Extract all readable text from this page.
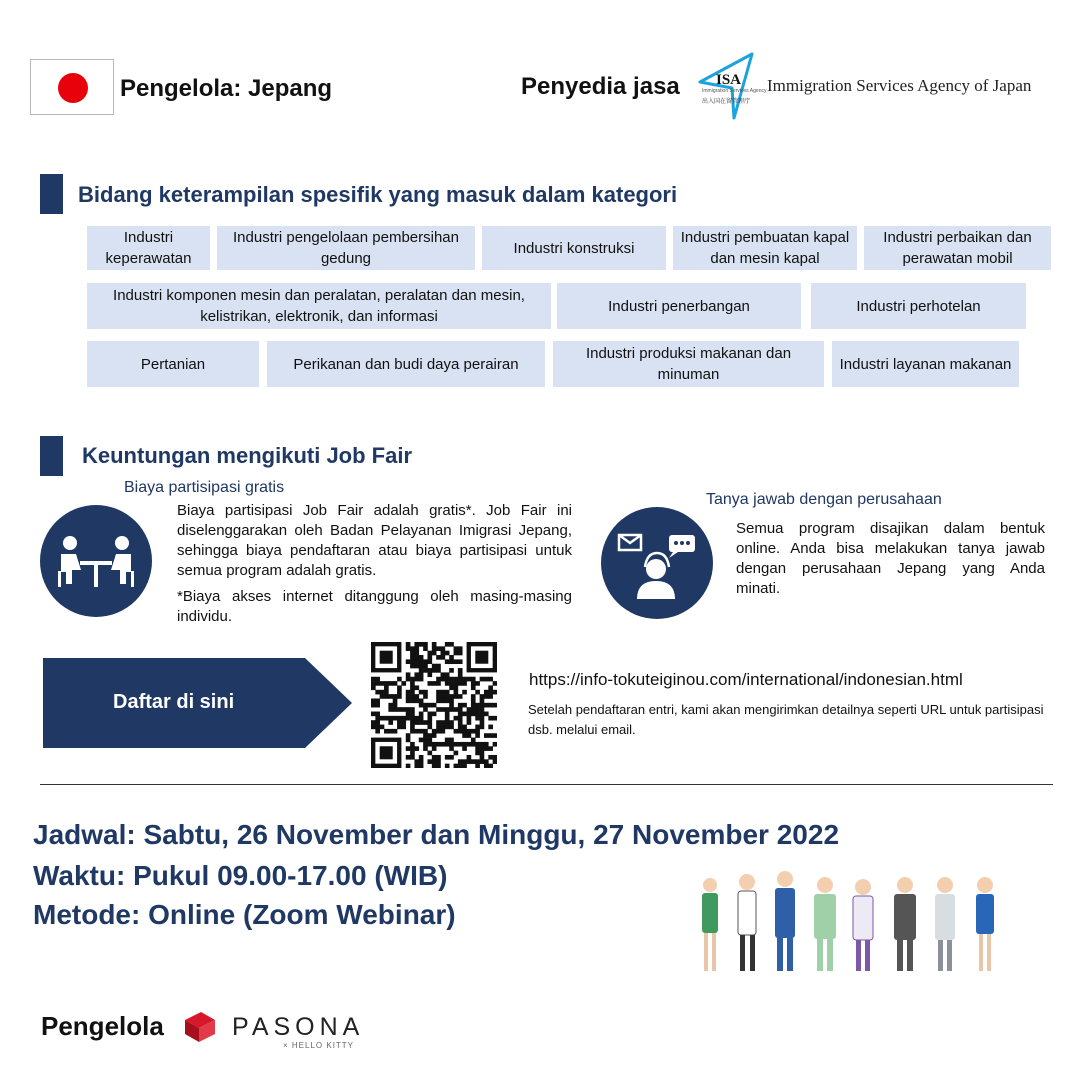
Pengelola: Jepang	Penyedia jasa ISA
Immigration Services Agency
出入国在留管理庁
Immigration Services Agency of Japan
Bidang keterampilan spesifik yang masuk dalam kategori
Industri keperawatan
Industri pengelolaan pembersihan gedung
Industri konstruksi
Industri pembuatan kapal dan mesin kapal
Industri perbaikan dan perawatan mobil
Industri komponen mesin dan peralatan, peralatan dan mesin, kelistrikan, elektronik, dan informasi
Industri penerbangan	Industri perhotelan
Pertanian	Perikanan dan budi daya perairan
Industri produksi makanan dan minuman
Industri layanan makanan
Keuntungan mengikuti Job Fair
Biaya partisipasi gratis
Biaya partisipasi Job Fair adalah gratis*. Job Fair ini diselenggarakan oleh Badan Pelayanan Imigrasi Jepang, sehingga biaya pendaftaran atau biaya partisipasi untuk semua program adalah gratis.
*Biaya akses internet ditanggung oleh masing-masing individu.
Tanya jawab dengan perusahaan
Semua program disajikan dalam bentuk online. Anda bisa melakukan tanya jawab dengan perusahaan Jepang yang Anda minati.
Daftar di sini
https://info-tokuteiginou.com/international/indonesian.html
Setelah pendaftaran entri, kami akan mengirimkan detailnya seperti URL untuk partisipasi dsb. melalui email.
Jadwal: Sabtu, 26 November dan Minggu, 27 November 2022
Waktu: Pukul 09.00-17.00 (WIB)
Metode: Online (Zoom Webinar)
Pengelola	PASONA
× HELLO KITTY
